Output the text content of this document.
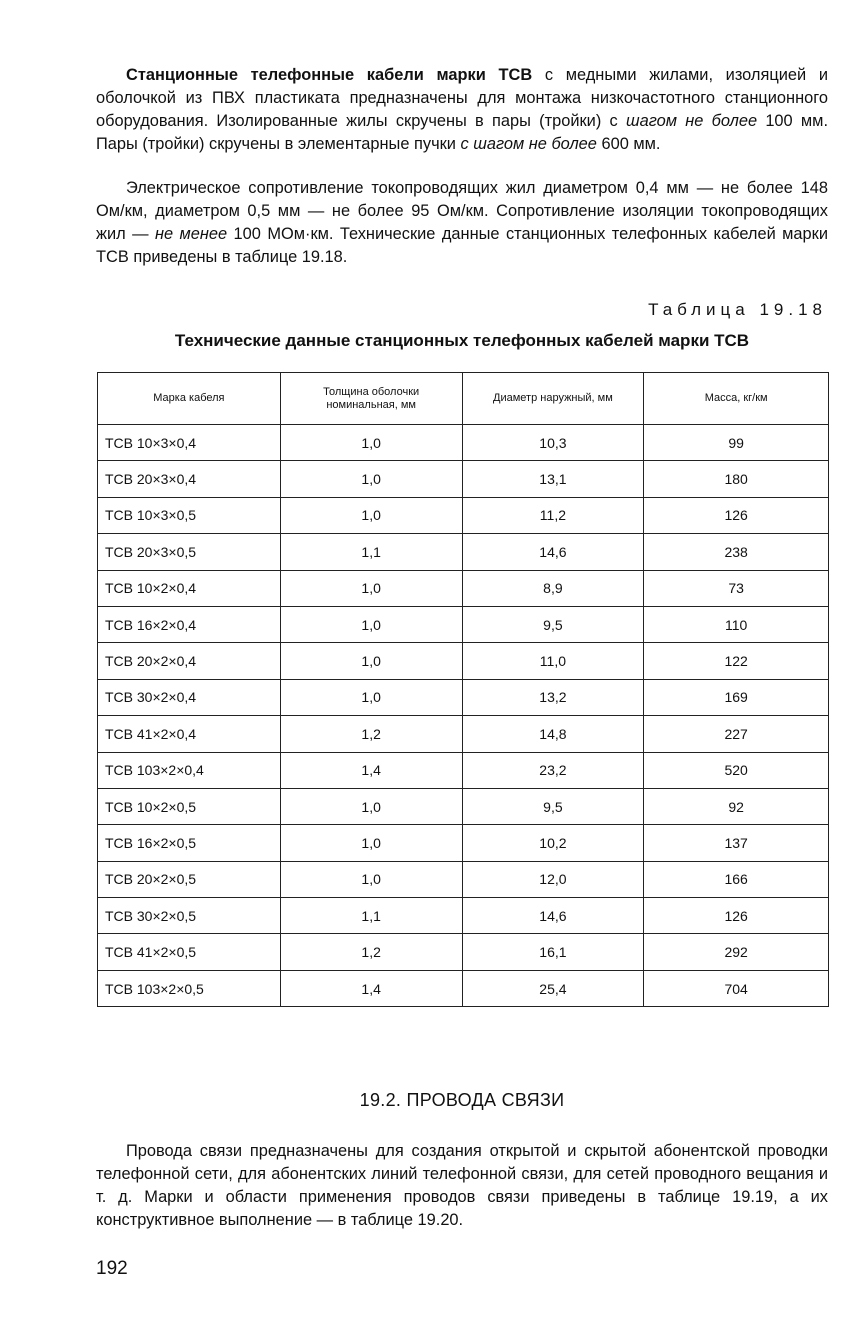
Станционные телефонные кабели марки ТСВ с медными жилами, изоляцией и оболочкой из ПВХ пластиката предназначены для монтажа низкочастотного станционного оборудования. Изолированные жилы скручены в пары (тройки) с шагом не более 100 мм. Пары (тройки) скручены в элементарные пучки с шагом не более 600 мм.

Электрическое сопротивление токопроводящих жил диаметром 0,4 мм — не более 148 Ом/км, диаметром 0,5 мм — не более 95 Ом/км. Сопротивление изоляции токопроводящих жил — не менее 100 МОм·км. Технические данные станционных телефонных кабелей марки ТСВ приведены в таблице 19.18.

Таблица 19.18

Технические данные станционных телефонных кабелей марки ТСВ

Марка кабеля	Толщина оболочки номинальная, мм	Диаметр наружный, мм	Масса, кг/км
ТСВ 10×3×0,4	1,0	10,3	99
ТСВ 20×3×0,4	1,0	13,1	180
ТСВ 10×3×0,5	1,0	11,2	126
ТСВ 20×3×0,5	1,1	14,6	238
ТСВ 10×2×0,4	1,0	8,9	73
ТСВ 16×2×0,4	1,0	9,5	110
ТСВ 20×2×0,4	1,0	11,0	122
ТСВ 30×2×0,4	1,0	13,2	169
ТСВ 41×2×0,4	1,2	14,8	227
ТСВ 103×2×0,4	1,4	23,2	520
ТСВ 10×2×0,5	1,0	9,5	92
ТСВ 16×2×0,5	1,0	10,2	137
ТСВ 20×2×0,5	1,0	12,0	166
ТСВ 30×2×0,5	1,1	14,6	126
ТСВ 41×2×0,5	1,2	16,1	292
ТСВ 103×2×0,5	1,4	25,4	704

19.2. ПРОВОДА СВЯЗИ

Провода связи предназначены для создания открытой и скрытой абонентской проводки телефонной сети, для абонентских линий телефонной связи, для сетей проводного вещания и т. д. Марки и области применения проводов связи приведены в таблице 19.19, а их конструктивное выполнение — в таблице 19.20.

192
